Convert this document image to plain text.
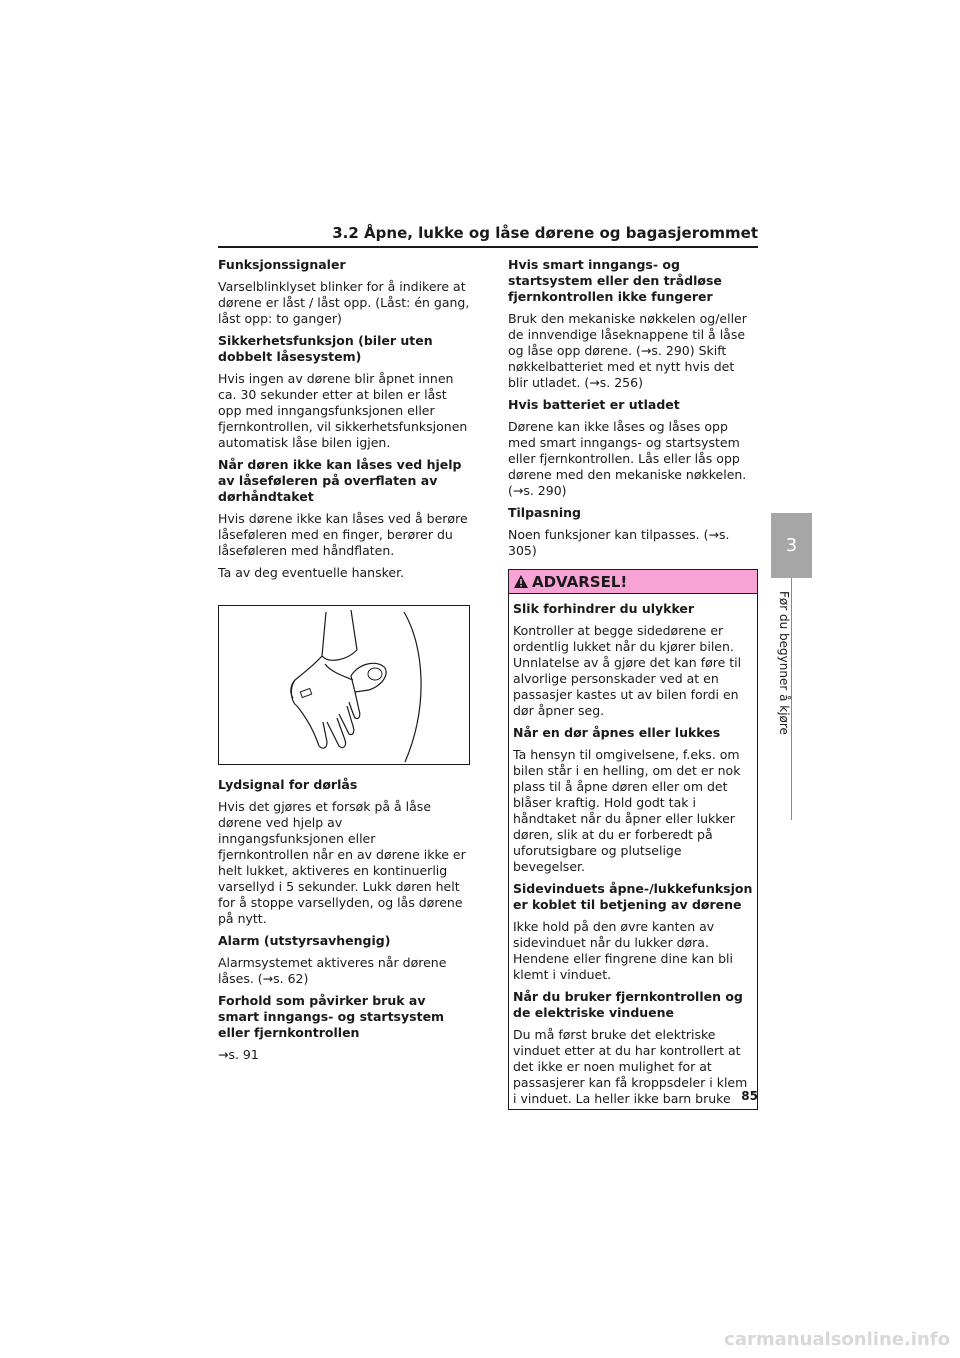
3.2 Åpne, lukke og låse dørene og bagasjerommet
3
Før du begynner å kjøre
Funksjonssignaler
Varselblinklyset blinker for å indikere at dørene er låst / låst opp. (Låst: én gang, låst opp: to ganger)
Sikkerhetsfunksjon (biler uten dobbelt låsesystem)
Hvis ingen av dørene blir åpnet innen ca. 30 sekunder etter at bilen er låst opp med inngangsfunksjonen eller fjernkontrollen, vil sikkerhetsfunksjonen automatisk låse bilen igjen.
Når døren ikke kan låses ved hjelp av låseføleren på overflaten av dørhåndtaket
Hvis dørene ikke kan låses ved å berøre låseføleren med en finger, berører du låseføleren med håndflaten.
Ta av deg eventuelle hansker.
Lydsignal for dørlås
Hvis det gjøres et forsøk på å låse dørene ved hjelp av inngangsfunksjonen eller fjernkontrollen når en av dørene ikke er helt lukket, aktiveres en kontinuerlig varsellyd i 5 sekunder. Lukk døren helt for å stoppe varsellyden, og lås dørene på nytt.
Alarm (utstyrsavhengig)
Alarmsystemet aktiveres når dørene låses. (→s. 62)
Forhold som påvirker bruk av smart inngangs- og startsystem eller fjernkontrollen
→s. 91
Hvis smart inngangs- og startsystem eller den trådløse fjernkontrollen ikke fungerer
Bruk den mekaniske nøkkelen og/eller de innvendige låseknappene til å låse og låse opp dørene. (→s. 290) Skift nøkkelbatteriet med et nytt hvis det blir utladet. (→s. 256)
Hvis batteriet er utladet
Dørene kan ikke låses og låses opp med smart inngangs- og startsystem eller fjernkontrollen. Lås eller lås opp dørene med den mekaniske nøkkelen. (→s. 290)
Tilpasning
Noen funksjoner kan tilpasses. (→s. 305)
ADVARSEL!
Slik forhindrer du ulykker
Kontroller at begge sidedørene er ordentlig lukket når du kjører bilen. Unnlatelse av å gjøre det kan føre til alvorlige personskader ved at en passasjer kastes ut av bilen fordi en dør åpner seg.
Når en dør åpnes eller lukkes
Ta hensyn til omgivelsene, f.eks. om bilen står i en helling, om det er nok plass til å åpne døren eller om det blåser kraftig. Hold godt tak i håndtaket når du åpner eller lukker døren, slik at du er forberedt på uforutsigbare og plutselige bevegelser.
Sidevinduets åpne-/lukkefunksjon er koblet til betjening av dørene
Ikke hold på den øvre kanten av sidevinduet når du lukker døra. Hendene eller fingrene dine kan bli klemt i vinduet.
Når du bruker fjernkontrollen og de elektriske vinduene
Du må først bruke det elektriske vinduet etter at du har kontrollert at det ikke er noen mulighet for at passasjerer kan få kroppsdeler i klem i vinduet. La heller ikke barn bruke 85
carmanualsonline.info
